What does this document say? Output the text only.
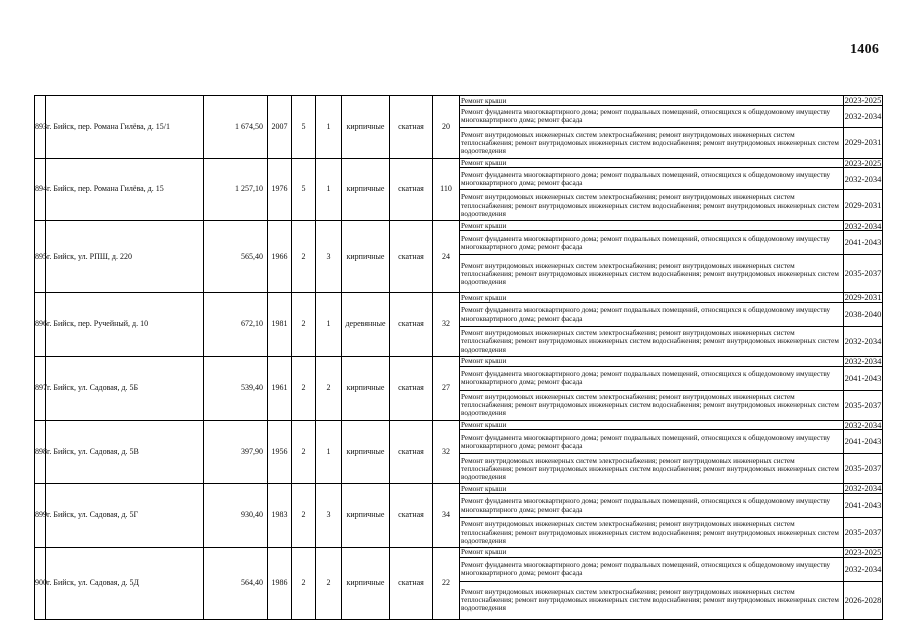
1406
893	г. Бийск, пер. Романа Гилёва, д. 15/1	1 674,50	2007	5	1	кирпичные	скатная	20	Ремонт крыши	2023-2025
									Ремонт фундамента многоквартирного дома; ремонт подвальных помещений, относящихся к общедомовому имуществу многоквартирного дома; ремонт фасада	2032-2034
									Ремонт внутридомовых инженерных систем электроснабжения; ремонт внутридомовых инженерных систем теплоснабжения; ремонт внутридомовых инженерных систем водоснабжения; ремонт внутридомовых инженерных систем водоотведения	2029-2031
894	г. Бийск, пер. Романа Гилёва, д. 15	1 257,10	1976	5	1	кирпичные	скатная	110	Ремонт крыши	2023-2025
									Ремонт фундамента многоквартирного дома; ремонт подвальных помещений, относящихся к общедомовому имуществу многоквартирного дома; ремонт фасада	2032-2034
									Ремонт внутридомовых инженерных систем электроснабжения; ремонт внутридомовых инженерных систем теплоснабжения; ремонт внутридомовых инженерных систем водоснабжения; ремонт внутридомовых инженерных систем водоотведения	2029-2031
895	г. Бийск, ул. РПШ, д. 220	565,40	1966	2	3	кирпичные	скатная	24	Ремонт крыши	2032-2034
									Ремонт фундамента многоквартирного дома; ремонт подвальных помещений, относящихся к общедомовому имуществу многоквартирного дома; ремонт фасада	2041-2043
									Ремонт внутридомовых инженерных систем электроснабжения; ремонт внутридомовых инженерных систем теплоснабжения; ремонт внутридомовых инженерных систем водоснабжения; ремонт внутридомовых инженерных систем водоотведения	2035-2037
896	г. Бийск, пер. Ручейный, д. 10	672,10	1981	2	1	деревянные	скатная	32	Ремонт крыши	2029-2031
									Ремонт фундамента многоквартирного дома; ремонт подвальных помещений, относящихся к общедомовому имуществу многоквартирного дома; ремонт фасада	2038-2040
									Ремонт внутридомовых инженерных систем электроснабжения; ремонт внутридомовых инженерных систем теплоснабжения; ремонт внутридомовых инженерных систем водоснабжения; ремонт внутридомовых инженерных систем водоотведения	2032-2034
897	г. Бийск, ул. Садовая, д. 5Б	539,40	1961	2	2	кирпичные	скатная	27	Ремонт крыши	2032-2034
									Ремонт фундамента многоквартирного дома; ремонт подвальных помещений, относящихся к общедомовому имуществу многоквартирного дома; ремонт фасада	2041-2043
									Ремонт внутридомовых инженерных систем электроснабжения; ремонт внутридомовых инженерных систем теплоснабжения; ремонт внутридомовых инженерных систем водоснабжения; ремонт внутридомовых инженерных систем водоотведения	2035-2037
898	г. Бийск, ул. Садовая, д. 5В	397,90	1956	2	1	кирпичные	скатная	32	Ремонт крыши	2032-2034
									Ремонт фундамента многоквартирного дома; ремонт подвальных помещений, относящихся к общедомовому имуществу многоквартирного дома; ремонт фасада	2041-2043
									Ремонт внутридомовых инженерных систем электроснабжения; ремонт внутридомовых инженерных систем теплоснабжения; ремонт внутридомовых инженерных систем водоснабжения; ремонт внутридомовых инженерных систем водоотведения	2035-2037
899	г. Бийск, ул. Садовая, д. 5Г	930,40	1983	2	3	кирпичные	скатная	34	Ремонт крыши	2032-2034
									Ремонт фундамента многоквартирного дома; ремонт подвальных помещений, относящихся к общедомовому имуществу многоквартирного дома; ремонт фасада	2041-2043
									Ремонт внутридомовых инженерных систем электроснабжения; ремонт внутридомовых инженерных систем теплоснабжения; ремонт внутридомовых инженерных систем водоснабжения; ремонт внутридомовых инженерных систем водоотведения	2035-2037
900	г. Бийск, ул. Садовая, д. 5Д	564,40	1986	2	2	кирпичные	скатная	22	Ремонт крыши	2023-2025
									Ремонт фундамента многоквартирного дома; ремонт подвальных помещений, относящихся к общедомовому имуществу многоквартирного дома; ремонт фасада	2032-2034
									Ремонт внутридомовых инженерных систем электроснабжения; ремонт внутридомовых инженерных систем теплоснабжения; ремонт внутридомовых инженерных систем водоснабжения; ремонт внутридомовых инженерных систем водоотведения	2026-2028
